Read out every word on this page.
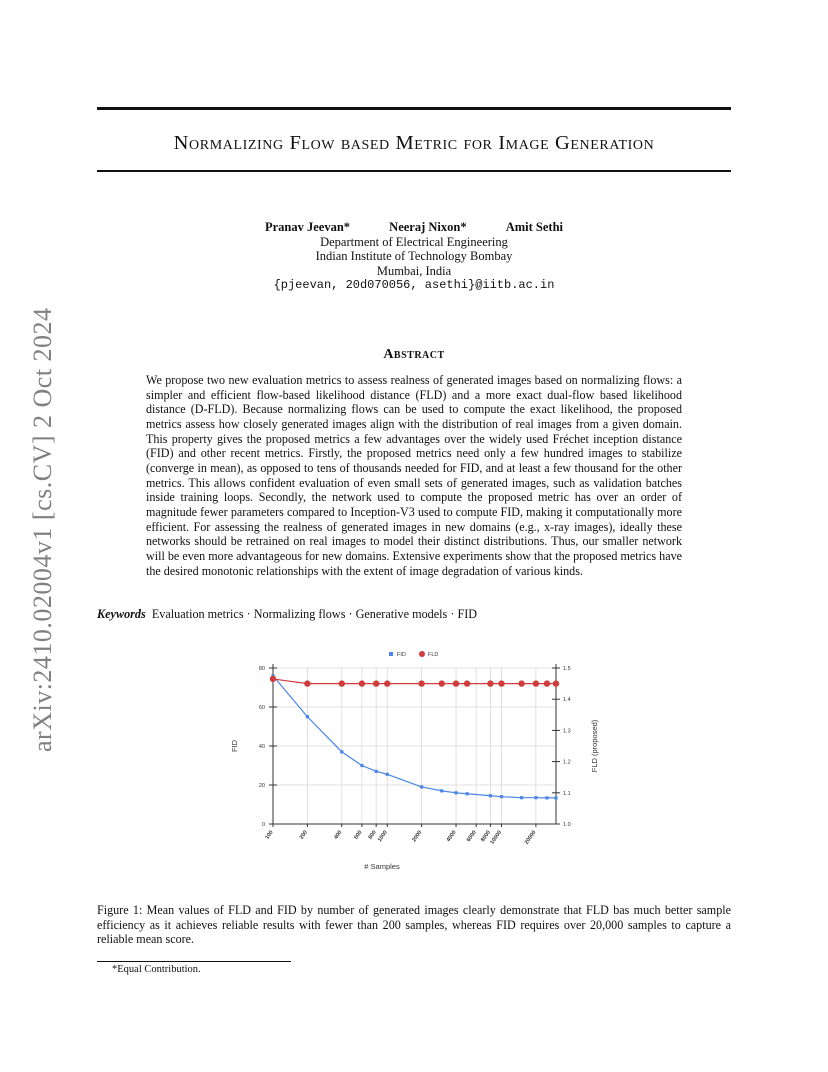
Normalizing Flow based Metric for Image Generation
Pranav Jeevan*	Neeraj Nixon*	Amit Sethi
Department of Electrical Engineering
Indian Institute of Technology Bombay
Mumbai, India
{pjeevan, 20d070056, asethi}@iitb.ac.in
arXiv:2410.02004v1 [cs.CV] 2 Oct 2024	Abstract
We propose two new evaluation metrics to assess realness of generated images based on normalizing flows: a simpler and efficient flow-based likelihood distance (FLD) and a more exact dual-flow based likelihood distance (D-FLD). Because normalizing flows can be used to compute the exact likelihood, the proposed metrics assess how closely generated images align with the distribution of real images from a given domain. This property gives the proposed metrics a few advantages over the widely used Fréchet inception distance (FID) and other recent metrics. Firstly, the proposed metrics need only a few hundred images to stabilize (converge in mean), as opposed to tens of thousands needed for FID, and at least a few thousand for the other metrics. This allows confident evaluation of even small sets of generated images, such as validation batches inside training loops. Secondly, the network used to compute the proposed metric has over an order of magnitude fewer parameters compared to Inception-V3 used to compute FID, making it computationally more efficient. For assessing the realness of generated images in new domains (e.g., x-ray images), ideally these networks should be retrained on real images to model their distinct distributions. Thus, our smaller network will be even more advantageous for new domains. Extensive experiments show that the proposed metrics have the desired monotonic relationships with the extent of image degradation of various kinds.
Keywords Evaluation metrics · Normalizing flows · Generative models · FID
0
20
40
60
80
1.0
1.1
1.2
1.3
1.4
1.5
100	200	400 600 800 1000	2000	4000 6000 8000
10000	20000
# Samples
FID	FLD (proposed)
FID	FLD
Figure 1: Mean values of FLD and FID by number of generated images clearly demonstrate that FLD bas much better sample efficiency as it achieves reliable results with fewer than 200 samples, whereas FID requires over 20,000 samples to capture a reliable mean score.
*Equal Contribution.
